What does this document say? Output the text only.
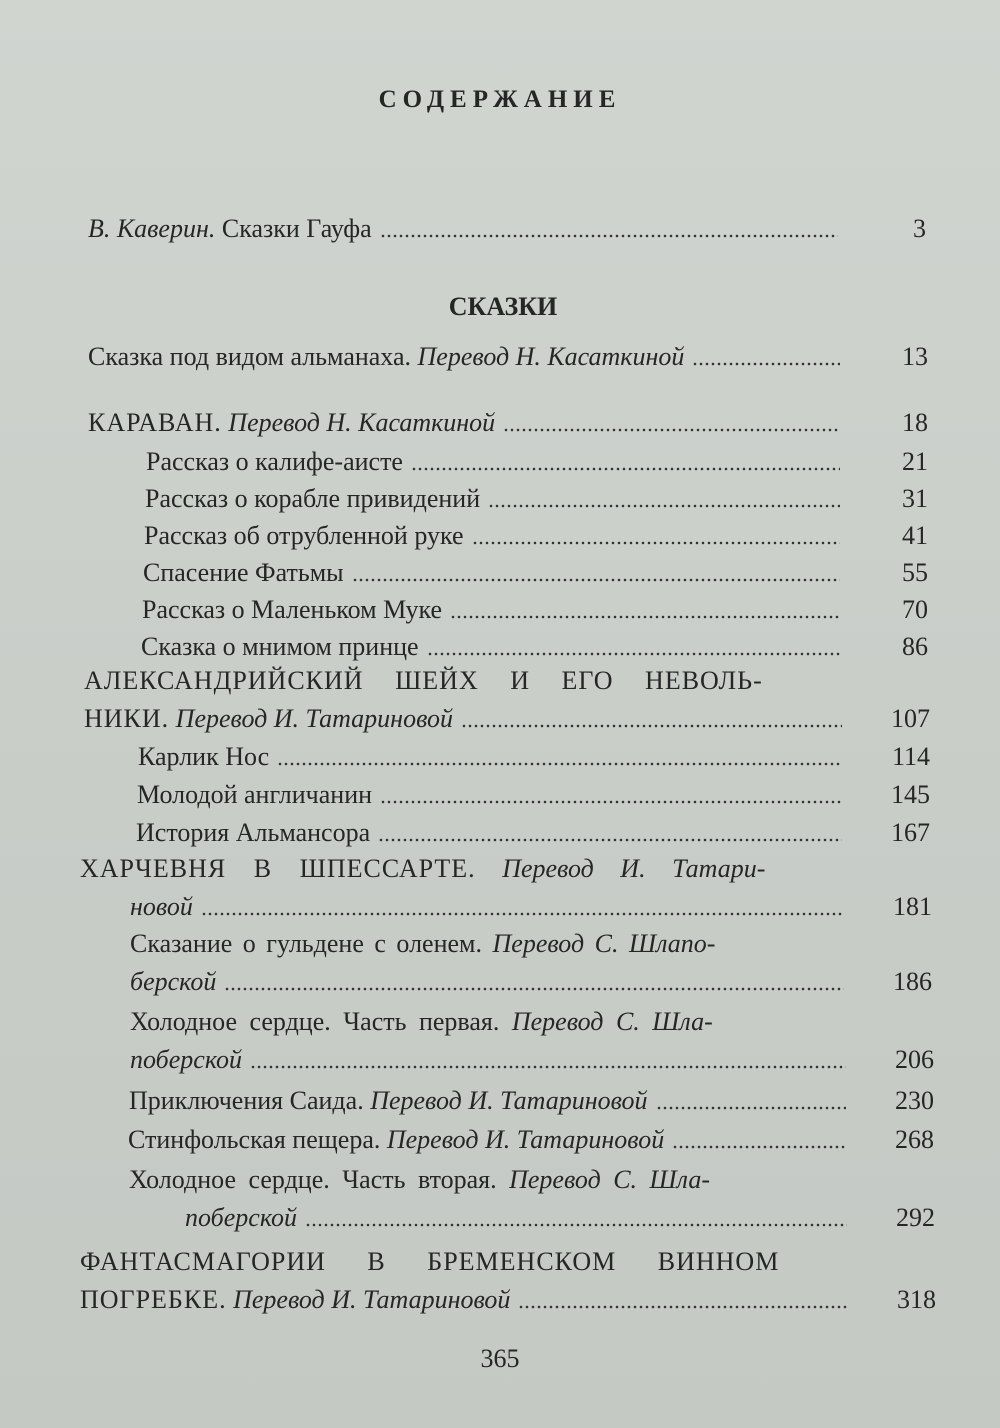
СОДЕРЖАНИЕ
В. Каверин. Сказки Гауфа	3
СКАЗКИ
Сказка под видом альманаха. Перевод Н. Касаткиной	13
КАРАВАН. Перевод Н. Касаткиной	18
Рассказ о калифе-аисте	21
Рассказ о корабле привидений	31
Рассказ об отрубленной руке	41
Спасение Фатьмы	55
Рассказ о Маленьком Муке	70
Сказка о мнимом принце	86
АЛЕКСАНДРИЙСКИЙ ШЕЙХ И ЕГО НЕВОЛЬ-
НИКИ. Перевод И. Татариновой	107
Карлик Нос	114
Молодой англичанин	145
История Альмансора	167
ХАРЧЕВНЯ В ШПЕССАРТЕ. Перевод И. Татари-
новой	181
Сказание о гульдене с оленем. Перевод С. Шлапо-
берской	186
Холодное сердце. Часть первая. Перевод С. Шла-
поберской	206
Приключения Саида. Перевод И. Татариновой	230
Стинфольская пещера. Перевод И. Татариновой	268
Холодное сердце. Часть вторая. Перевод С. Шла-
поберской	292
ФАНТАСМАГОРИИ В БРЕМЕНСКОМ ВИННОМ
ПОГРЕБКЕ. Перевод И. Татариновой	318
365
